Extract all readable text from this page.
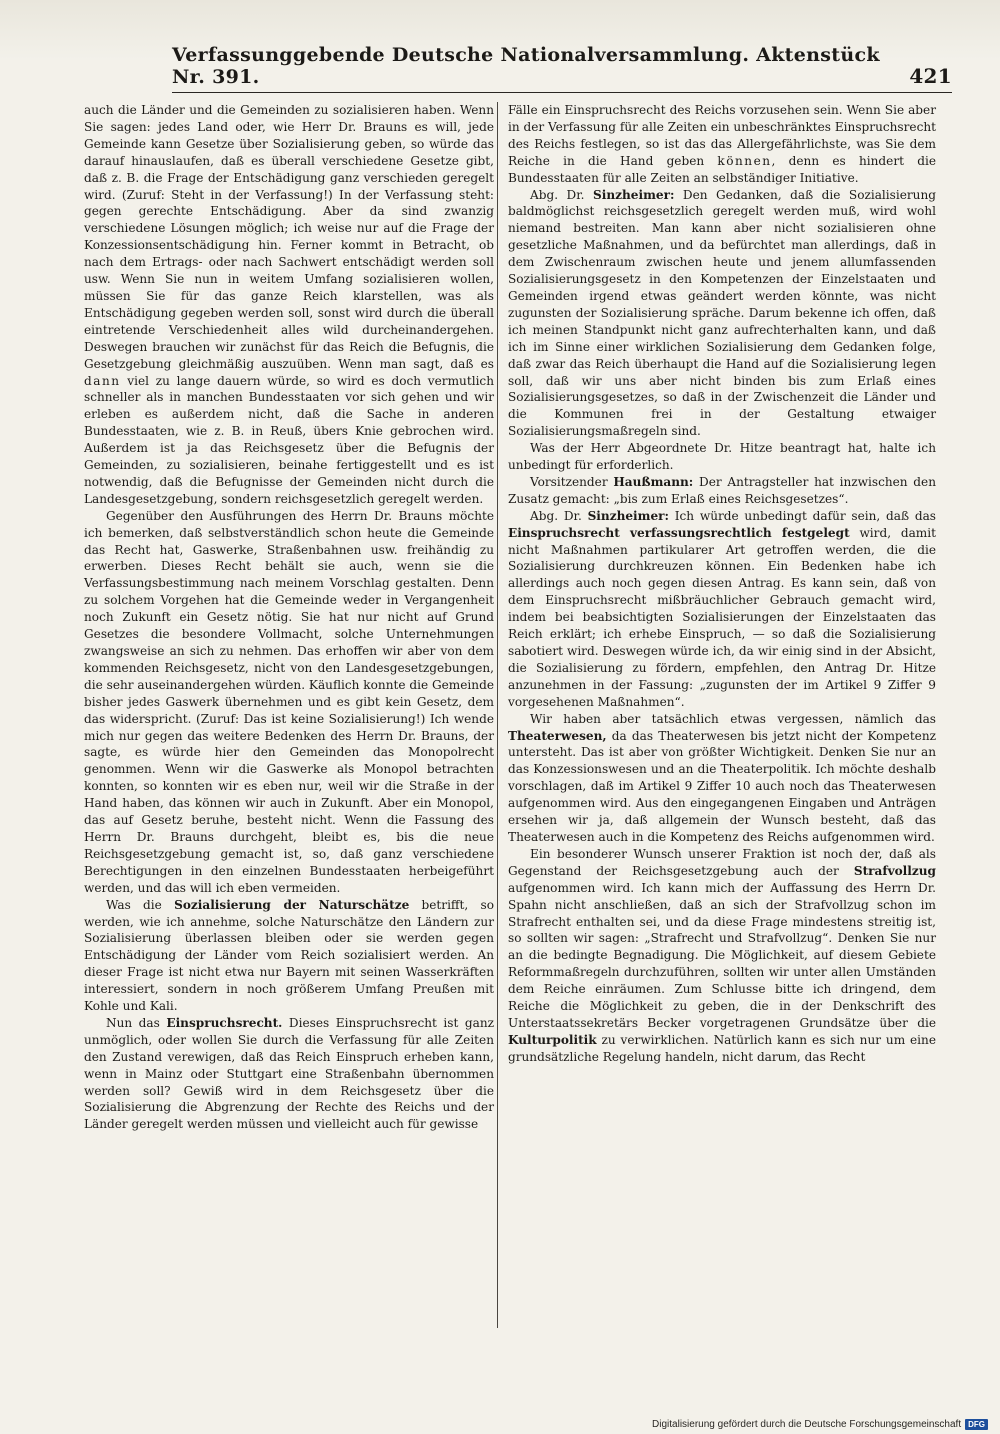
Verfassunggebende Deutsche Nationalversammlung. Aktenstück Nr. 391.	421

auch die Länder und die Gemeinden zu sozialisieren haben. Wenn Sie sagen: jedes Land oder, wie Herr Dr. Brauns es will, jede Gemeinde kann Gesetze über Sozialisierung geben, so würde das darauf hinauslaufen, daß es überall verschiedene Gesetze gibt, daß z. B. die Frage der Entschädigung ganz verschieden geregelt wird. (Zuruf: Steht in der Verfassung!) In der Verfassung steht: gegen gerechte Entschädigung. Aber da sind zwanzig verschiedene Lösungen möglich; ich weise nur auf die Frage der Konzessionsentschädigung hin. Ferner kommt in Betracht, ob nach dem Ertrags- oder nach Sachwert entschädigt werden soll usw. Wenn Sie nun in weitem Umfang sozialisieren wollen, müssen Sie für das ganze Reich klarstellen, was als Entschädigung gegeben werden soll, sonst wird durch die überall eintretende Verschiedenheit alles wild durcheinandergehen. Deswegen brauchen wir zunächst für das Reich die Befugnis, die Gesetzgebung gleichmäßig auszuüben. Wenn man sagt, daß es dann viel zu lange dauern würde, so wird es doch vermutlich schneller als in manchen Bundesstaaten vor sich gehen und wir erleben es außerdem nicht, daß die Sache in anderen Bundesstaaten, wie z. B. in Reuß, übers Knie gebrochen wird. Außerdem ist ja das Reichsgesetz über die Befugnis der Gemeinden, zu sozialisieren, beinahe fertiggestellt und es ist notwendig, daß die Befugnisse der Gemeinden nicht durch die Landesgesetzgebung, sondern reichsgesetzlich geregelt werden.

Gegenüber den Ausführungen des Herrn Dr. Brauns möchte ich bemerken, daß selbstverständlich schon heute die Gemeinde das Recht hat, Gaswerke, Straßenbahnen usw. freihändig zu erwerben. Dieses Recht behält sie auch, wenn sie die Verfassungsbestimmung nach meinem Vorschlag gestalten. Denn zu solchem Vorgehen hat die Gemeinde weder in Vergangenheit noch Zukunft ein Gesetz nötig. Sie hat nur nicht auf Grund Gesetzes die besondere Vollmacht, solche Unternehmungen zwangsweise an sich zu nehmen. Das erhoffen wir aber von dem kommenden Reichsgesetz, nicht von den Landesgesetzgebungen, die sehr auseinandergehen würden. Käuflich konnte die Gemeinde bisher jedes Gaswerk übernehmen und es gibt kein Gesetz, dem das widerspricht. (Zuruf: Das ist keine Sozialisierung!) Ich wende mich nur gegen das weitere Bedenken des Herrn Dr. Brauns, der sagte, es würde hier den Gemeinden das Monopolrecht genommen. Wenn wir die Gaswerke als Monopol betrachten konnten, so konnten wir es eben nur, weil wir die Straße in der Hand haben, das können wir auch in Zukunft. Aber ein Monopol, das auf Gesetz beruhe, besteht nicht. Wenn die Fassung des Herrn Dr. Brauns durchgeht, bleibt es, bis die neue Reichsgesetzgebung gemacht ist, so, daß ganz verschiedene Berechtigungen in den einzelnen Bundesstaaten herbeigeführt werden, und das will ich eben vermeiden.

Was die Sozialisierung der Naturschätze betrifft, so werden, wie ich annehme, solche Naturschätze den Ländern zur Sozialisierung überlassen bleiben oder sie werden gegen Entschädigung der Länder vom Reich sozialisiert werden. An dieser Frage ist nicht etwa nur Bayern mit seinen Wasserkräften interessiert, sondern in noch größerem Umfang Preußen mit Kohle und Kali.

Nun das Einspruchsrecht. Dieses Einspruchsrecht ist ganz unmöglich, oder wollen Sie durch die Verfassung für alle Zeiten den Zustand verewigen, daß das Reich Einspruch erheben kann, wenn in Mainz oder Stuttgart eine Straßenbahn übernommen werden soll? Gewiß wird in dem Reichsgesetz über die Sozialisierung die Abgrenzung der Rechte des Reichs und der Länder geregelt werden müssen und vielleicht auch für gewisse

Fälle ein Einspruchsrecht des Reichs vorzusehen sein. Wenn Sie aber in der Verfassung für alle Zeiten ein unbeschränktes Einspruchsrecht des Reichs festlegen, so ist das das Allergefährlichste, was Sie dem Reiche in die Hand geben können, denn es hindert die Bundesstaaten für alle Zeiten an selbständiger Initiative.

Abg. Dr. Sinzheimer: Den Gedanken, daß die Sozialisierung baldmöglichst reichsgesetzlich geregelt werden muß, wird wohl niemand bestreiten. Man kann aber nicht sozialisieren ohne gesetzliche Maßnahmen, und da befürchtet man allerdings, daß in dem Zwischenraum zwischen heute und jenem allumfassenden Sozialisierungsgesetz in den Kompetenzen der Einzelstaaten und Gemeinden irgend etwas geändert werden könnte, was nicht zugunsten der Sozialisierung spräche. Darum bekenne ich offen, daß ich meinen Standpunkt nicht ganz aufrechterhalten kann, und daß ich im Sinne einer wirklichen Sozialisierung dem Gedanken folge, daß zwar das Reich überhaupt die Hand auf die Sozialisierung legen soll, daß wir uns aber nicht binden bis zum Erlaß eines Sozialisierungsgesetzes, so daß in der Zwischenzeit die Länder und die Kommunen frei in der Gestaltung etwaiger Sozialisierungsmaßregeln sind.

Was der Herr Abgeordnete Dr. Hitze beantragt hat, halte ich unbedingt für erforderlich.

Vorsitzender Haußmann: Der Antragsteller hat inzwischen den Zusatz gemacht: „bis zum Erlaß eines Reichsgesetzes“.

Abg. Dr. Sinzheimer: Ich würde unbedingt dafür sein, daß das Einspruchsrecht verfassungsrechtlich festgelegt wird, damit nicht Maßnahmen partikularer Art getroffen werden, die die Sozialisierung durchkreuzen können. Ein Bedenken habe ich allerdings auch noch gegen diesen Antrag. Es kann sein, daß von dem Einspruchsrecht mißbräuchlicher Gebrauch gemacht wird, indem bei beabsichtigten Sozialisierungen der Einzelstaaten das Reich erklärt; ich erhebe Einspruch, — so daß die Sozialisierung sabotiert wird. Deswegen würde ich, da wir einig sind in der Absicht, die Sozialisierung zu fördern, empfehlen, den Antrag Dr. Hitze anzunehmen in der Fassung: „zugunsten der im Artikel 9 Ziffer 9 vorgesehenen Maßnahmen“.

Wir haben aber tatsächlich etwas vergessen, nämlich das Theaterwesen, da das Theaterwesen bis jetzt nicht der Kompetenz untersteht. Das ist aber von größter Wichtigkeit. Denken Sie nur an das Konzessionswesen und an die Theaterpolitik. Ich möchte deshalb vorschlagen, daß im Artikel 9 Ziffer 10 auch noch das Theaterwesen aufgenommen wird. Aus den eingegangenen Eingaben und Anträgen ersehen wir ja, daß allgemein der Wunsch besteht, daß das Theaterwesen auch in die Kompetenz des Reichs aufgenommen wird.

Ein besonderer Wunsch unserer Fraktion ist noch der, daß als Gegenstand der Reichsgesetzgebung auch der Strafvollzug aufgenommen wird. Ich kann mich der Auffassung des Herrn Dr. Spahn nicht anschließen, daß an sich der Strafvollzug schon im Strafrecht enthalten sei, und da diese Frage mindestens streitig ist, so sollten wir sagen: „Strafrecht und Strafvollzug“. Denken Sie nur an die bedingte Begnadigung. Die Möglichkeit, auf diesem Gebiete Reformmaßregeln durchzuführen, sollten wir unter allen Umständen dem Reiche einräumen. Zum Schlusse bitte ich dringend, dem Reiche die Möglichkeit zu geben, die in der Denkschrift des Unterstaatssekretärs Becker vorgetragenen Grundsätze über die Kulturpolitik zu verwirklichen. Natürlich kann es sich nur um eine grundsätzliche Regelung handeln, nicht darum, das Recht

Digitalisierung gefördert durch die Deutsche Forschungsgemeinschaft DFG
